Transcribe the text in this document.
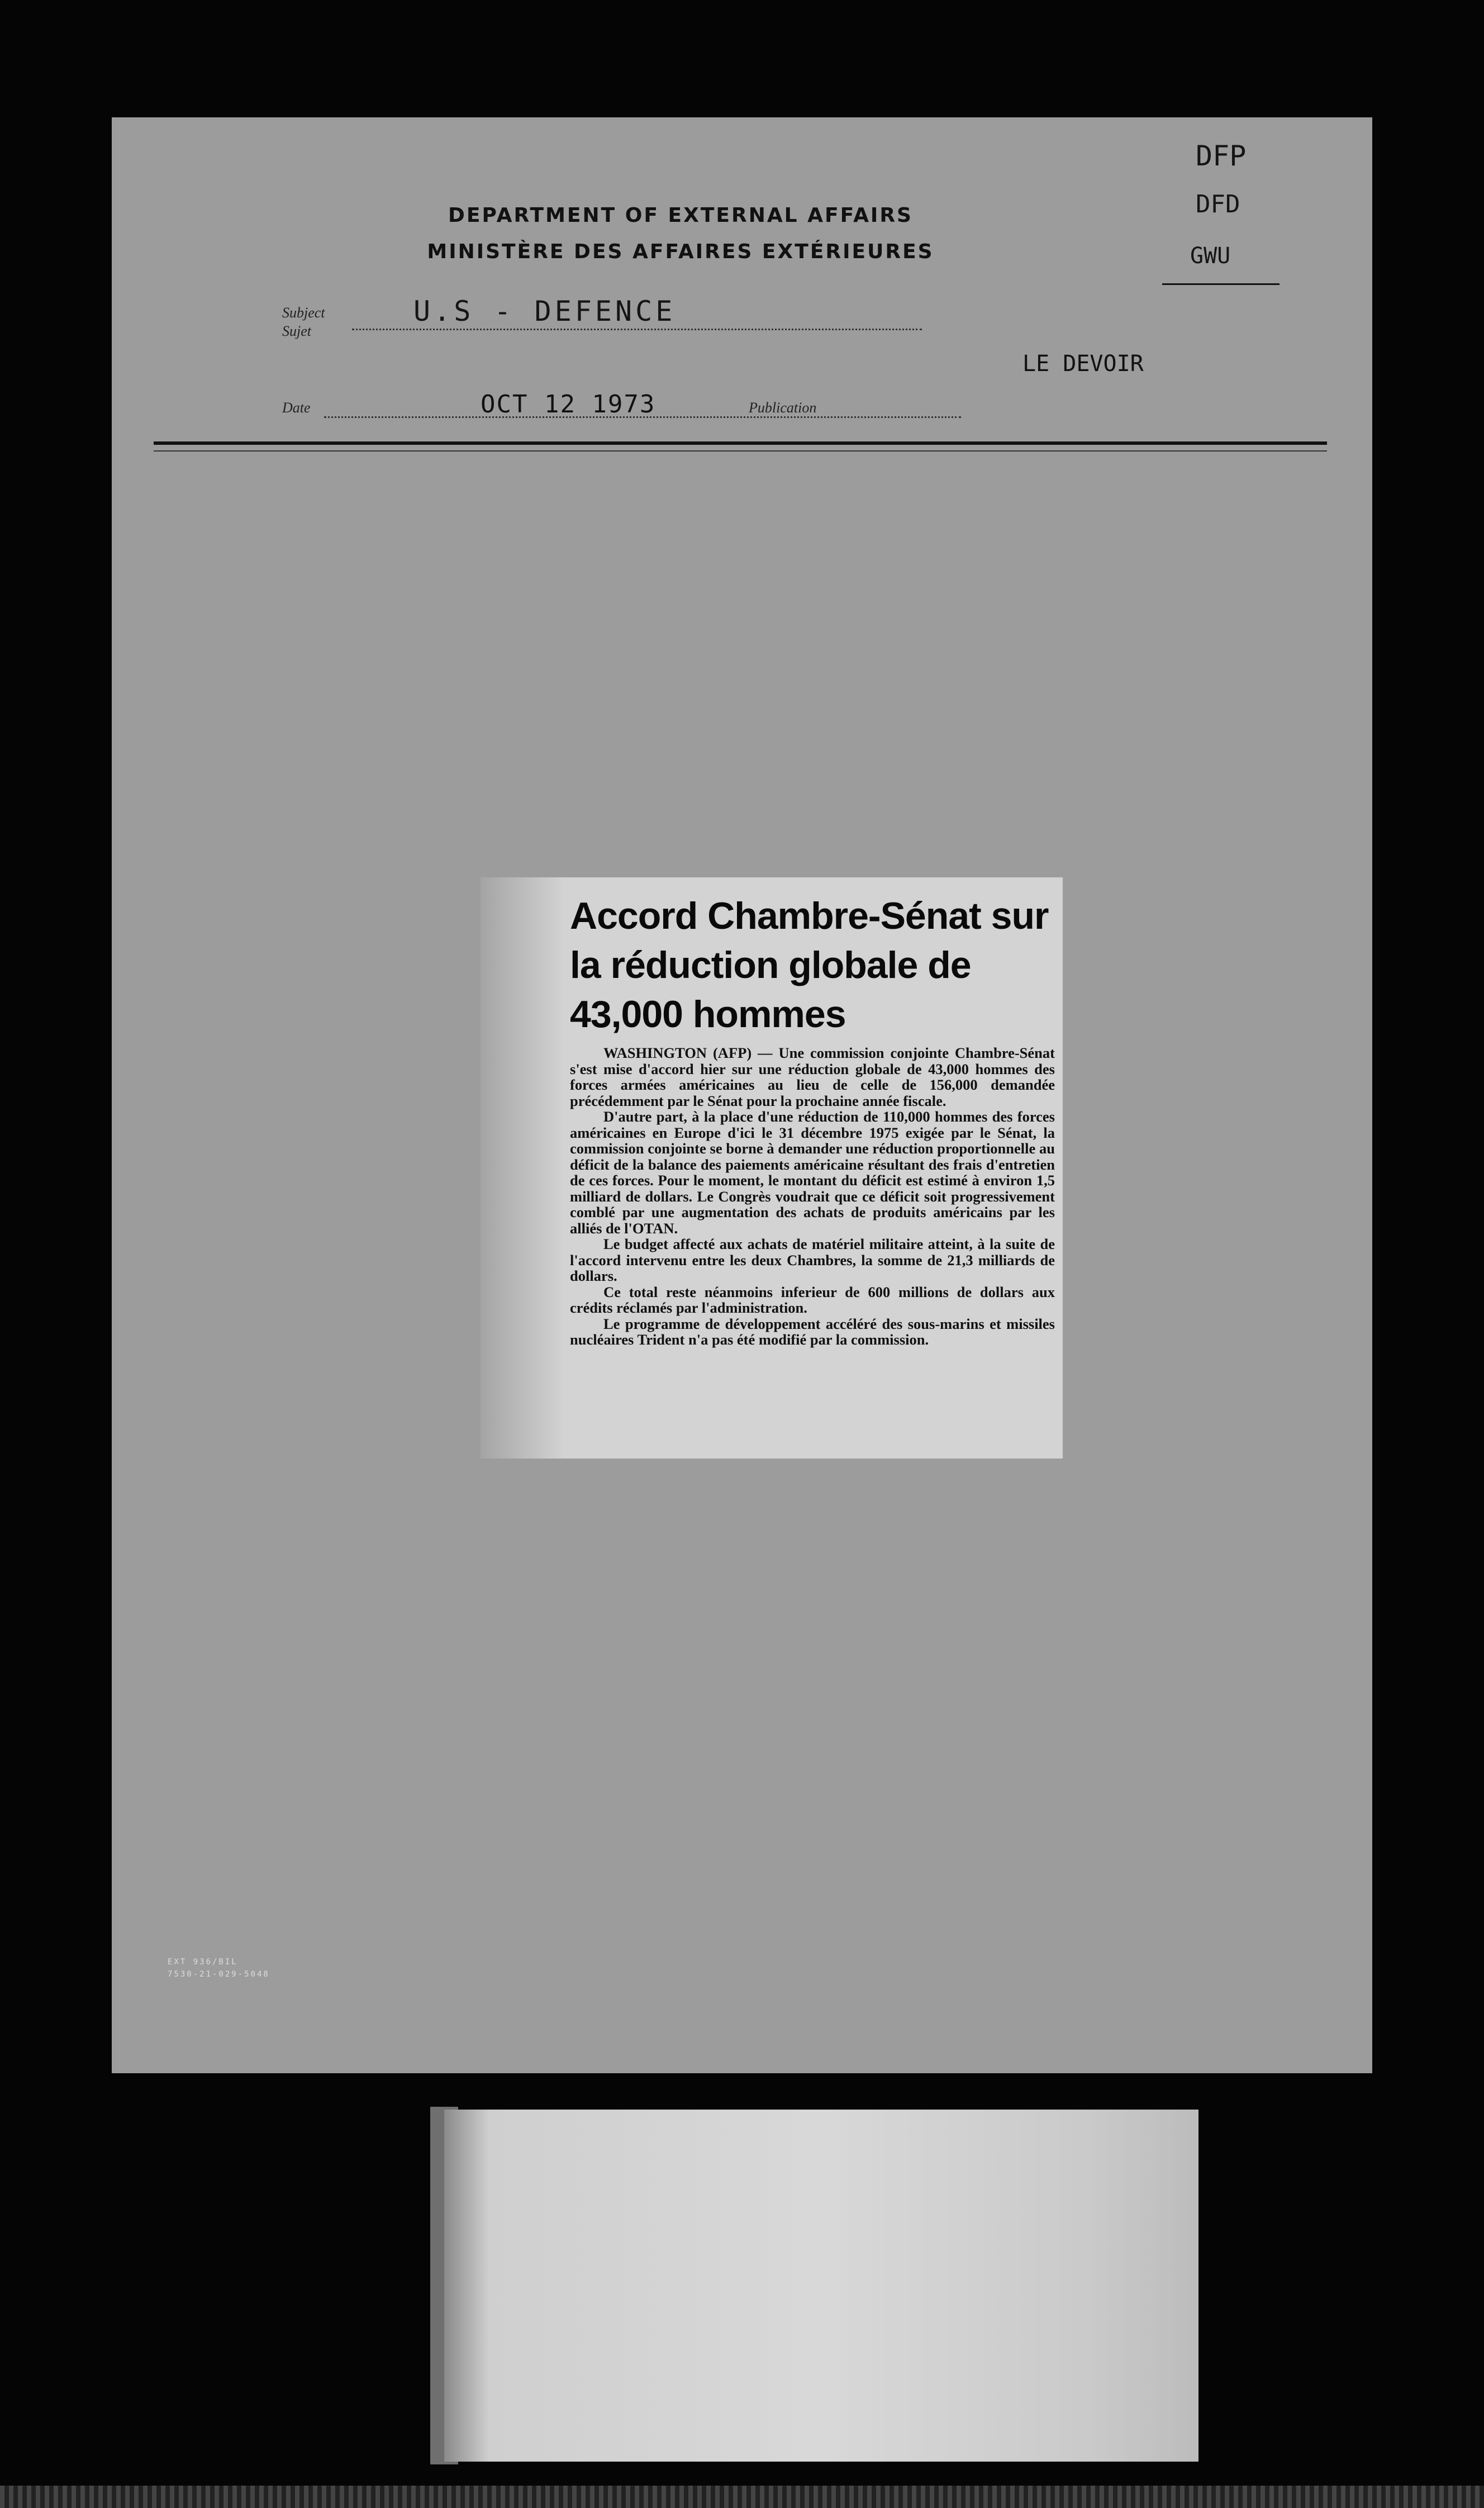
DEPARTMENT OF EXTERNAL AFFAIRS
MINISTÈRE DES AFFAIRES EXTÉRIEURES
Subject
Sujet
U.S - DEFENCE
Date	OCT 12 1973	Publication
LE DEVOIR
DFP
DFD
GWU
Accord Chambre-Sénat sur la réduction globale de 43,000 hommes

WASHINGTON (AFP) — Une commission conjointe Chambre-Sénat s'est mise d'accord hier sur une réduction globale de 43,000 hommes des forces armées américaines au lieu de celle de 156,000 demandée précédemment par le Sénat pour la prochaine année fiscale.

D'autre part, à la place d'une réduction de 110,000 hommes des forces américaines en Europe d'ici le 31 décembre 1975 exigée par le Sénat, la commission conjointe se borne à demander une réduction proportionnelle au déficit de la balance des paiements américaine résultant des frais d'entretien de ces forces. Pour le moment, le montant du déficit est estimé à environ 1,5 milliard de dollars. Le Congrès voudrait que ce déficit soit progressivement comblé par une augmentation des achats de produits américains par les alliés de l'OTAN.

Le budget affecté aux achats de matériel militaire atteint, à la suite de l'accord intervenu entre les deux Chambres, la somme de 21,3 milliards de dollars.

Ce total reste néanmoins inferieur de 600 millions de dollars aux crédits réclamés par l'administration.

Le programme de développement accéléré des sous-marins et missiles nucléaires Trident n'a pas été modifié par la commission.

EXT 936/BIL
7530-21-029-5048
